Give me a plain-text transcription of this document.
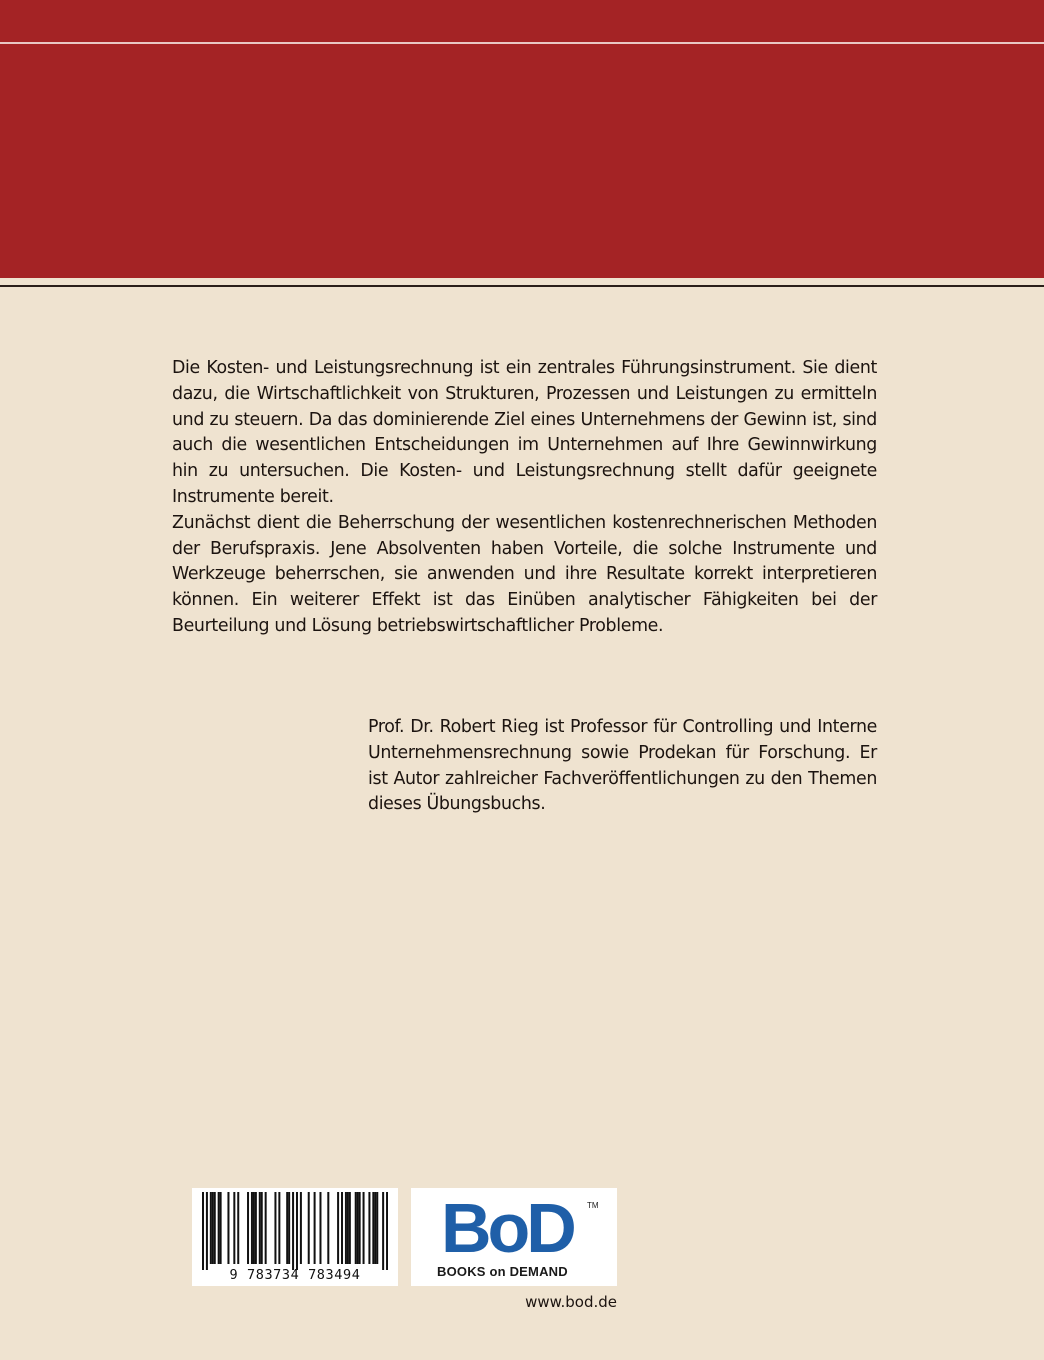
Die Kosten- und Leistungsrechnung ist ein zentrales Führungsinstrument. Sie dient dazu, die Wirtschaftlichkeit von Strukturen, Prozessen und Leistungen zu ermitteln und zu steuern. Da das dominierende Ziel eines Unternehmens der Gewinn ist, sind auch die wesentlichen Entscheidungen im Unternehmen auf Ihre Gewinnwirkung hin zu untersuchen. Die Kosten- und Leistungsrechnung stellt dafür geeignete Instrumente bereit.

Zunächst dient die Beherrschung der wesentlichen kostenrechnerischen Methoden der Berufspraxis. Jene Absolventen haben Vorteile, die solche Instrumente und Werkzeuge beherrschen, sie anwenden und ihre Resultate korrekt interpretieren können. Ein weiterer Effekt ist das Einüben analytischer Fähigkeiten bei der Beurteilung und Lösung betriebswirtschaftlicher Probleme.

Prof. Dr. Robert Rieg ist Professor für Controlling und Interne Unternehmensrechnung sowie Prodekan für Forschung. Er ist Autor zahlreicher Fachveröffentlichungen zu den Themen dieses Übungsbuchs.
9 783734 783494
BoD TM
BOOKS on DEMAND
www.bod.de
